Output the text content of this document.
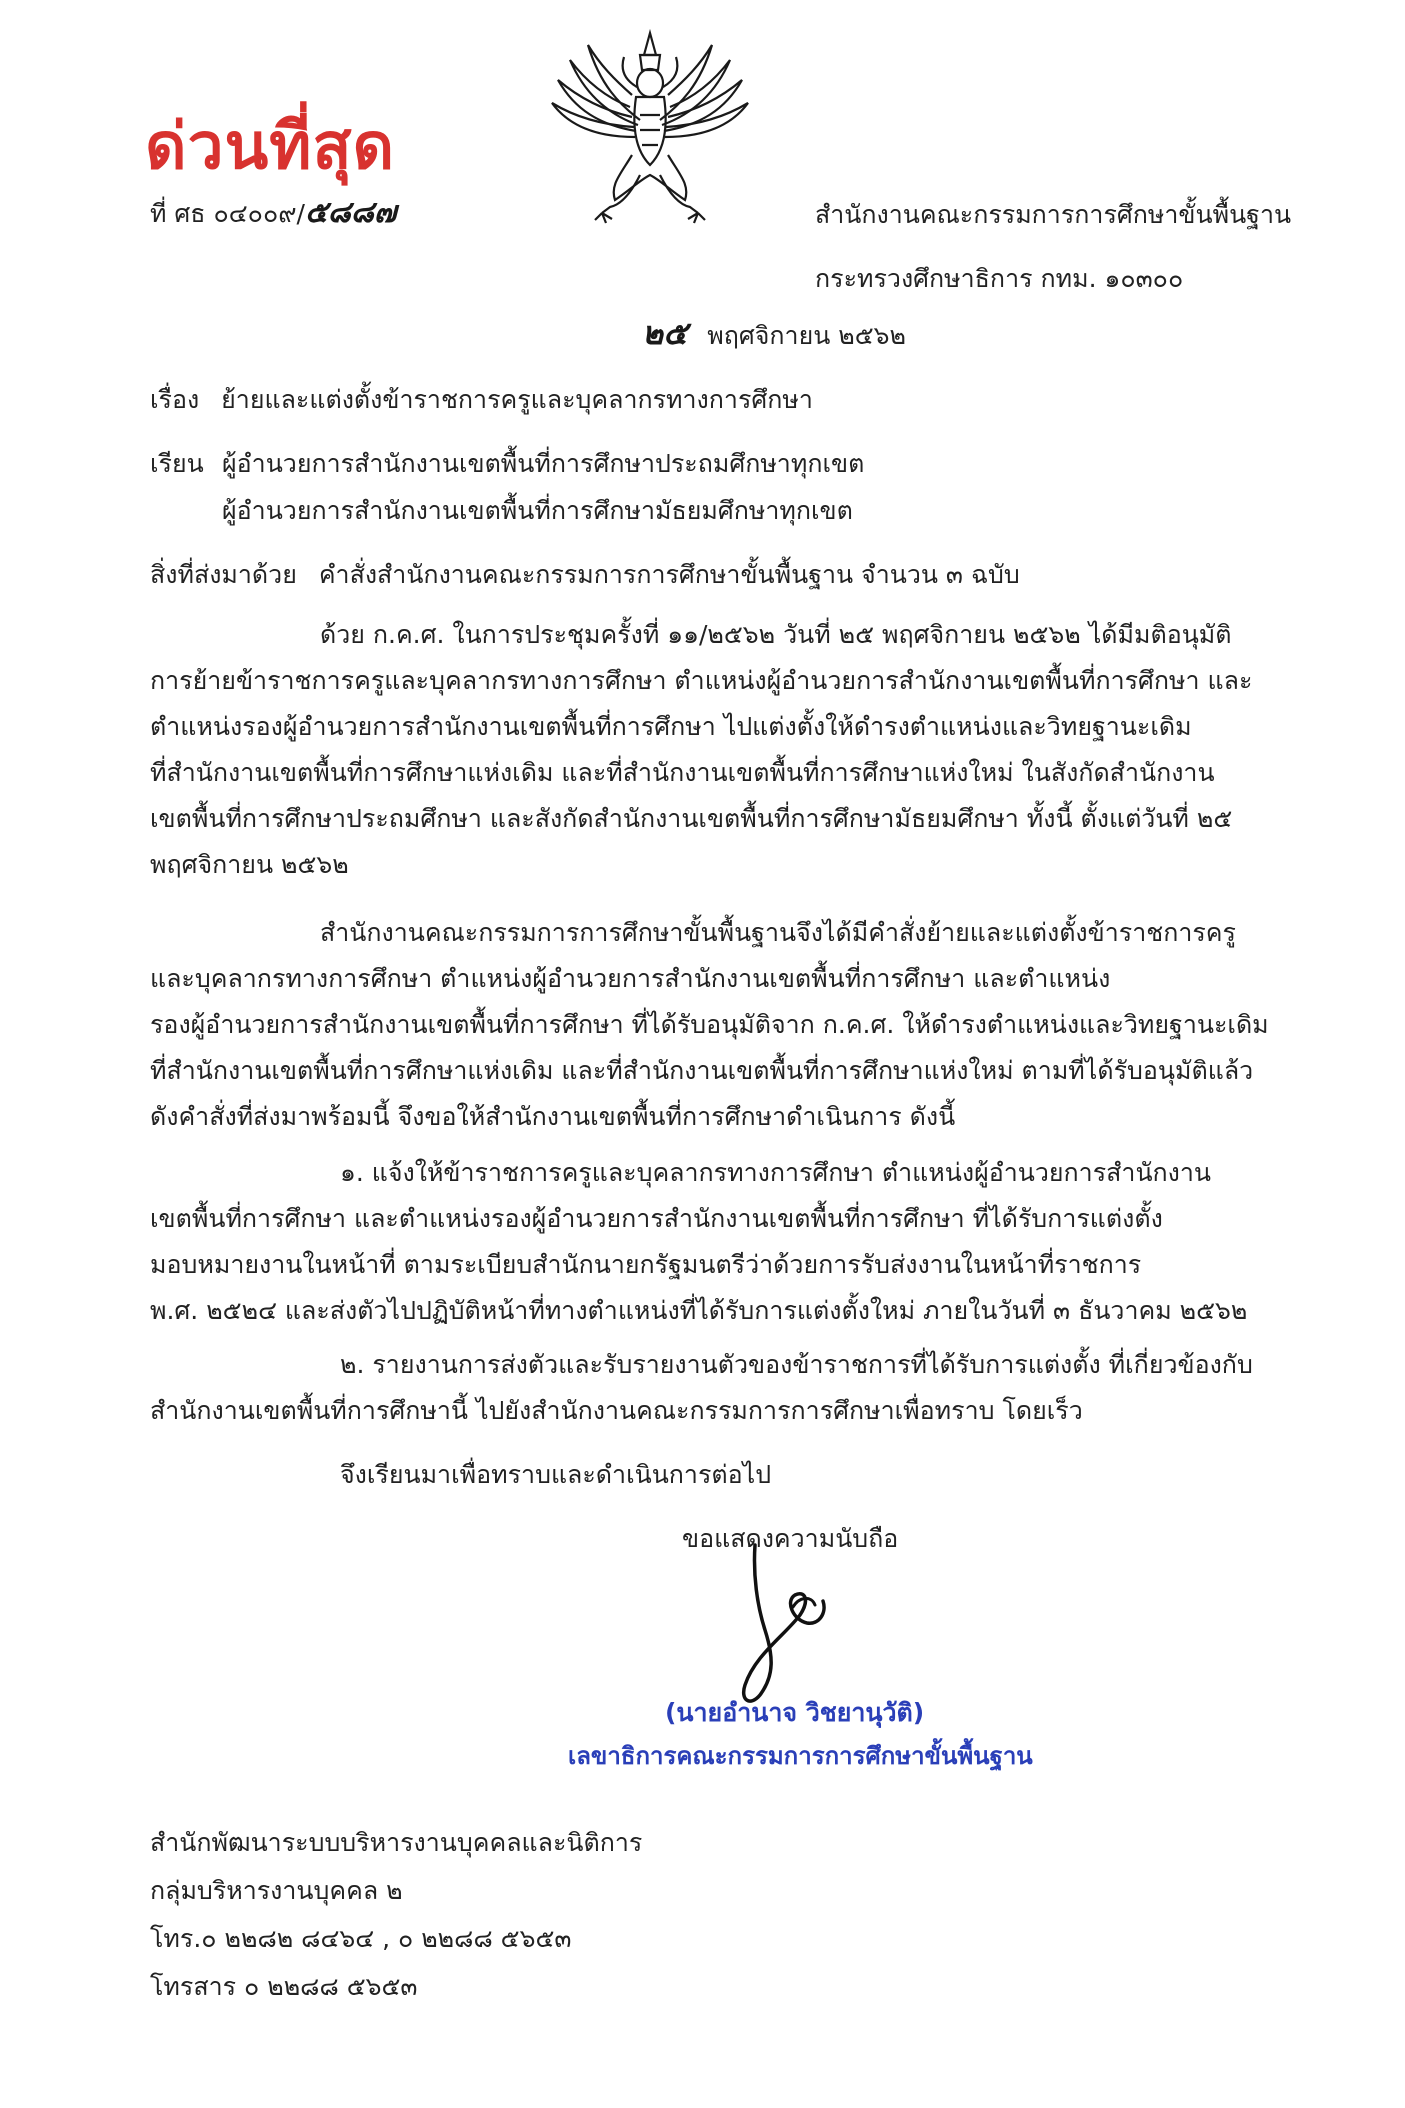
ด่วนที่สุด
ที่ ศธ ๐๔๐๐๙/๕๘๘๗	สำนักงานคณะกรรมการการศึกษาขั้นพื้นฐาน
กระทรวงศึกษาธิการ กทม. ๑๐๓๐๐
๒๕ พฤศจิกายน ๒๕๖๒
เรื่อง ย้ายและแต่งตั้งข้าราชการครูและบุคลากรทางการศึกษา
เรียน ผู้อำนวยการสำนักงานเขตพื้นที่การศึกษาประถมศึกษาทุกเขต
ผู้อำนวยการสำนักงานเขตพื้นที่การศึกษามัธยมศึกษาทุกเขต
สิ่งที่ส่งมาด้วย คำสั่งสำนักงานคณะกรรมการการศึกษาขั้นพื้นฐาน จำนวน ๓ ฉบับ
ด้วย ก.ค.ศ. ในการประชุมครั้งที่ ๑๑/๒๕๖๒ วันที่ ๒๕ พฤศจิกายน ๒๕๖๒ ได้มีมติอนุมัติ
การย้ายข้าราชการครูและบุคลากรทางการศึกษา ตำแหน่งผู้อำนวยการสำนักงานเขตพื้นที่การศึกษา และ
ตำแหน่งรองผู้อำนวยการสำนักงานเขตพื้นที่การศึกษา ไปแต่งตั้งให้ดำรงตำแหน่งและวิทยฐานะเดิม
ที่สำนักงานเขตพื้นที่การศึกษาแห่งเดิม และที่สำนักงานเขตพื้นที่การศึกษาแห่งใหม่ ในสังกัดสำนักงาน
เขตพื้นที่การศึกษาประถมศึกษา และสังกัดสำนักงานเขตพื้นที่การศึกษามัธยมศึกษา ทั้งนี้ ตั้งแต่วันที่ ๒๕
พฤศจิกายน ๒๕๖๒
สำนักงานคณะกรรมการการศึกษาขั้นพื้นฐานจึงได้มีคำสั่งย้ายและแต่งตั้งข้าราชการครู
และบุคลากรทางการศึกษา ตำแหน่งผู้อำนวยการสำนักงานเขตพื้นที่การศึกษา และตำแหน่ง
รองผู้อำนวยการสำนักงานเขตพื้นที่การศึกษา ที่ได้รับอนุมัติจาก ก.ค.ศ. ให้ดำรงตำแหน่งและวิทยฐานะเดิม
ที่สำนักงานเขตพื้นที่การศึกษาแห่งเดิม และที่สำนักงานเขตพื้นที่การศึกษาแห่งใหม่ ตามที่ได้รับอนุมัติแล้ว
ดังคำสั่งที่ส่งมาพร้อมนี้ จึงขอให้สำนักงานเขตพื้นที่การศึกษาดำเนินการ ดังนี้
๑. แจ้งให้ข้าราชการครูและบุคลากรทางการศึกษา ตำแหน่งผู้อำนวยการสำนักงาน
เขตพื้นที่การศึกษา และตำแหน่งรองผู้อำนวยการสำนักงานเขตพื้นที่การศึกษา ที่ได้รับการแต่งตั้ง
มอบหมายงานในหน้าที่ ตามระเบียบสำนักนายกรัฐมนตรีว่าด้วยการรับส่งงานในหน้าที่ราชการ
พ.ศ. ๒๕๒๔ และส่งตัวไปปฏิบัติหน้าที่ทางตำแหน่งที่ได้รับการแต่งตั้งใหม่ ภายในวันที่ ๓ ธันวาคม ๒๕๖๒
๒. รายงานการส่งตัวและรับรายงานตัวของข้าราชการที่ได้รับการแต่งตั้ง ที่เกี่ยวข้องกับ
สำนักงานเขตพื้นที่การศึกษานี้ ไปยังสำนักงานคณะกรรมการการศึกษาเพื่อทราบ โดยเร็ว
จึงเรียนมาเพื่อทราบและดำเนินการต่อไป
ขอแสดงความนับถือ
(นายอำนาจ วิชยานุวัติ)
เลขาธิการคณะกรรมการการศึกษาขั้นพื้นฐาน
สำนักพัฒนาระบบบริหารงานบุคคลและนิติการ
กลุ่มบริหารงานบุคคล ๒
โทร.๐ ๒๒๘๒ ๘๔๖๔ , ๐ ๒๒๘๘ ๕๖๕๓
โทรสาร ๐ ๒๒๘๘ ๕๖๕๓
